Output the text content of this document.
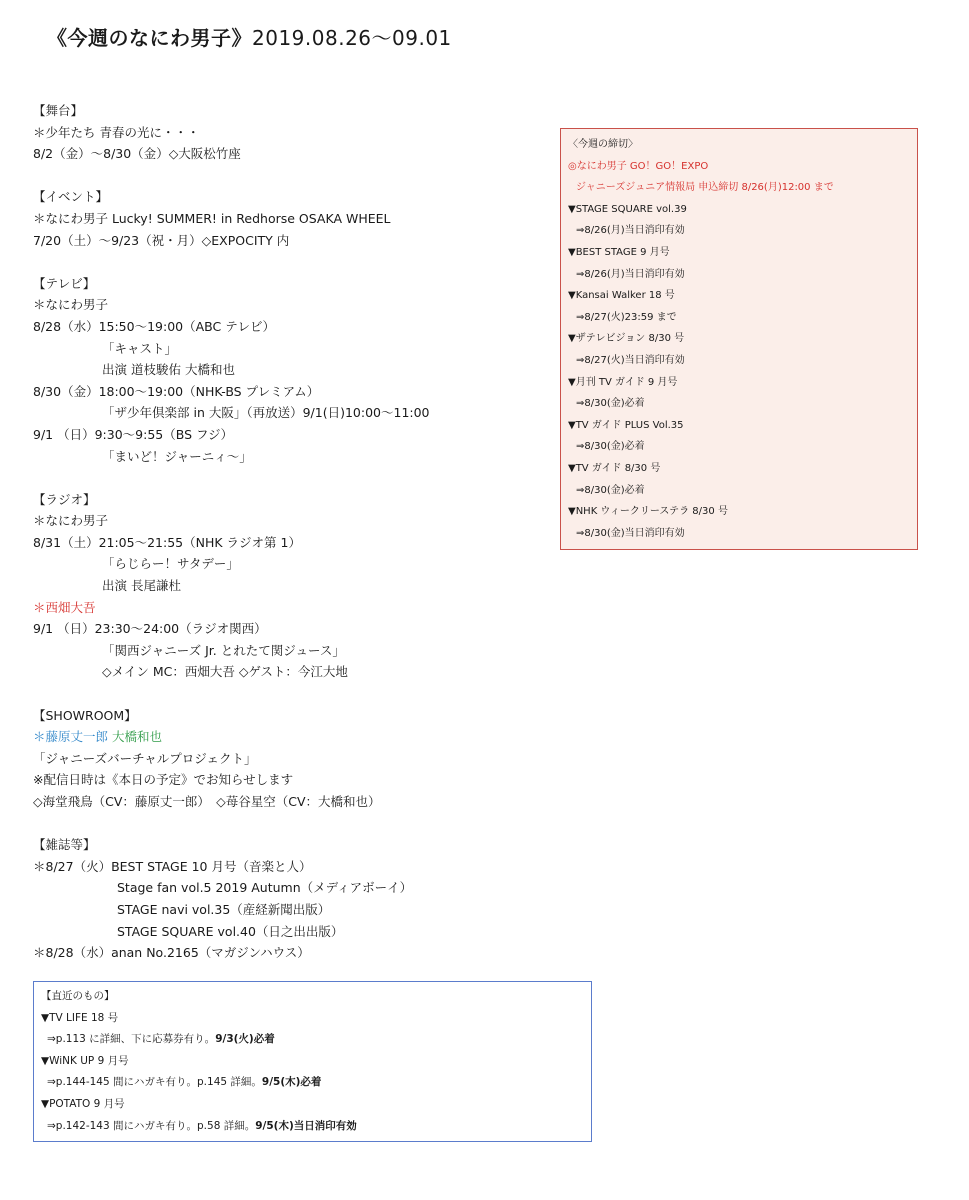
《今週のなにわ男子》2019.08.26〜09.01
【舞台】
＊少年たち 青春の光に・・・
8/2（金）〜8/30（金）◇大阪松竹座
【イベント】
＊なにわ男子 Lucky! SUMMER! in Redhorse OSAKA WHEEL
7/20（土）〜9/23（祝・月）◇EXPOCITY 内
【テレビ】
＊なにわ男子
8/28（水）15:50〜19:00（ABC テレビ）
「キャスト」
出演 道枝駿佑 大橋和也
8/30（金）18:00〜19:00（NHK-BS プレミアム）
「ザ少年倶楽部 in 大阪」（再放送）9/1(日)10:00〜11:00
9/1 （日）9:30〜9:55（BS フジ）
「まいど！ジャーニィ〜」
【ラジオ】
＊なにわ男子
8/31（土）21:05〜21:55（NHK ラジオ第 1）
「らじらー！サタデー」
出演 長尾謙杜
＊西畑大吾
9/1 （日）23:30〜24:00（ラジオ関西）
「関西ジャニーズ Jr. とれたて関ジュース」
◇メイン MC：西畑大吾 ◇ゲスト：今江大地
【SHOWROOM】
＊藤原丈一郎 大橋和也
「ジャニーズバーチャルプロジェクト」
※配信日時は《本日の予定》でお知らせします
◇海堂飛鳥（CV：藤原丈一郎）　◇苺谷星空（CV：大橋和也）
【雑誌等】
＊8/27（火）BEST STAGE 10 月号（音楽と人）
Stage fan vol.5 2019 Autumn（メディアボーイ）
STAGE navi vol.35（産経新聞出版）
STAGE SQUARE vol.40（日之出出版）
＊8/28（水）anan No.2165（マガジンハウス）
〈今週の締切〉
◎なにわ男子 GO！GO！EXPO
ジャニーズジュニア情報局 申込締切 8/26(月)12:00 まで
▼STAGE SQUARE vol.39
⇒8/26(月)当日消印有効
▼BEST STAGE 9 月号
⇒8/26(月)当日消印有効
▼Kansai Walker 18 号
⇒8/27(火)23:59 まで
▼ザテレビジョン 8/30 号
⇒8/27(火)当日消印有効
▼月刊 TV ガイド 9 月号
⇒8/30(金)必着
▼TV ガイド PLUS Vol.35
⇒8/30(金)必着
▼TV ガイド 8/30 号
⇒8/30(金)必着
▼NHK ウィークリーステラ 8/30 号
⇒8/30(金)当日消印有効
【直近のもの】
▼TV LIFE 18 号
⇒p.113 に詳細、下に応募券有り。9/3(火)必着
▼WiNK UP 9 月号
⇒p.144-145 間にハガキ有り。p.145 詳細。9/5(木)必着
▼POTATO 9 月号
⇒p.142-143 間にハガキ有り。p.58 詳細。9/5(木)当日消印有効
